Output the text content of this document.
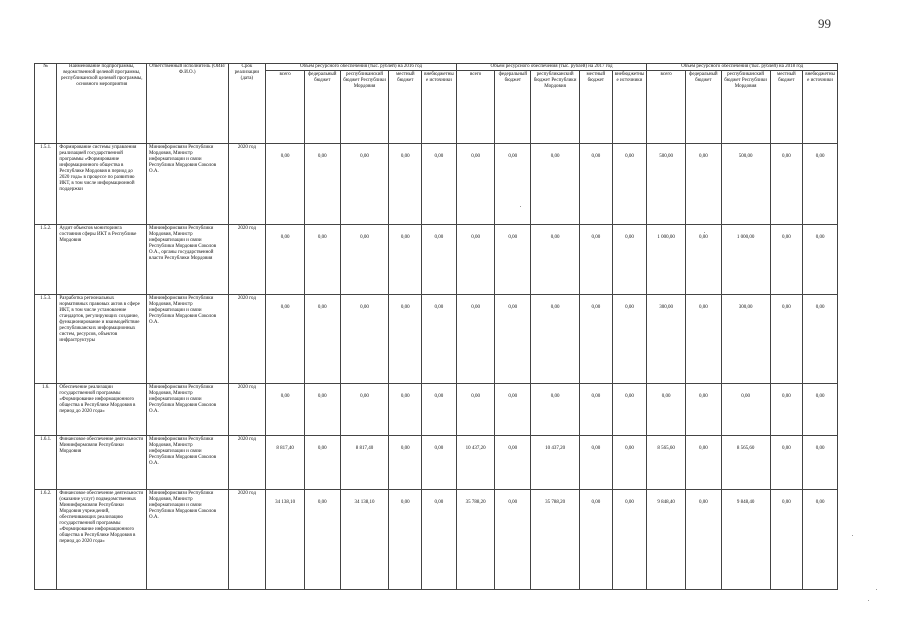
99
№	Наименование подпрограммы, ведомственной целевой программы, республиканской целевой программы, основного мероприятия	Ответственный исполнитель (ОИВ/Ф.И.О.)	Срок реализации (дата)	Объем ресурсного обеспечения (тыс. рублей) на 2016 год					Объем ресурсного обеспечения (тыс. рублей) на 2017 год					Объем ресурсного обеспечения (тыс. рублей) на 2018 год				
				всего	федеральный бюджет	республиканский бюджет Республики Мордовия	местный бюджет	внебюджетные источники	всего	федеральный бюджет	республиканский бюджет Республики Мордовия	местный бюджет	внебюджетные источники	всего	федеральный бюджет	республиканский бюджет Республики Мордовия	местный бюджет	внебюджетные источники
1.5.1.	Формирование системы управления реализацией государственной программы «Формирование информационного общества в Республике Мордовия в период до 2020 года» в процессе по развитию ИКТ, в том числе информационной поддержки	Мининформсвязи Республики Мордовия, Министр информатизации и связи Республики Мордовия Соколов О.А.	2020 год	0,00	0,00	0,00	0,00	0,00	0,00	0,00	0,00	0,00	0,00	500,00	0,00	500,00	0,00	0,00
1.5.2.	Аудит объектов мониторинга состояния сферы ИКТ в Республике Мордовия	Мининформсвязи Республики Мордовия, Министр информатизации и связи Республики Мордовия Соколов О.А., органы государственной власти Республики Мордовия	2020 год	0,00	0,00	0,00	0,00	0,00	0,00	0,00	0,00	0,00	0,00	1 000,00	0,00	1 000,00	0,00	0,00
1.5.3.	Разработка региональных нормативных правовых актов в сфере ИКТ, в том числе установление стандартов, регулирующих создание, функционирование и взаимодействие республиканских информационных систем, ресурсов, объектов инфраструктуры	Мининформсвязи Республики Мордовия, Министр информатизации и связи Республики Мордовия Соколов О.А.	2020 год	0,00	0,00	0,00	0,00	0,00	0,00	0,00	0,00	0,00	0,00	300,00	0,00	300,00	0,00	0,00
1.6.	Обеспечение реализации государственной программы «Формирование информационного общества в Республике Мордовия в период до 2020 года»	Мининформсвязи Республики Мордовия, Министр информатизации и связи Республики Мордовия Соколов О.А.	2020 год	0,00	0,00	0,00	0,00	0,00	0,00	0,00	0,00	0,00	0,00	0,00	0,00	0,00	0,00	0,00
1.6.1.	Финансовое обеспечение деятельности Мининформсвязи Республики Мордовия	Мининформсвязи Республики Мордовия, Министр информатизации и связи Республики Мордовия Соколов О.А.	2020 год	8 817,40	0,00	8 817,40	0,00	0,00	10 437,20	0,00	10 437,20	0,00	0,00	8 565,60	0,00	8 565,60	0,00	0,00
1.6.2.	Финансовое обеспечение деятельности (оказание услуг) подведомственных Мининформсвязи Республики Мордовия учреждений, обеспечивающих реализацию государственной программы «Формирование информационного общества в Республике Мордовия в период до 2020 года»	Мининформсвязи Республики Мордовия, Министр информатизации и связи Республики Мордовия Соколов О.А.	2020 год	34 138,10	0,00	34 138,10	0,00	0,00	35 788,20	0,00	35 788,20	0,00	0,00	9 848,40	0,00	9 848,40	0,00	0,00
